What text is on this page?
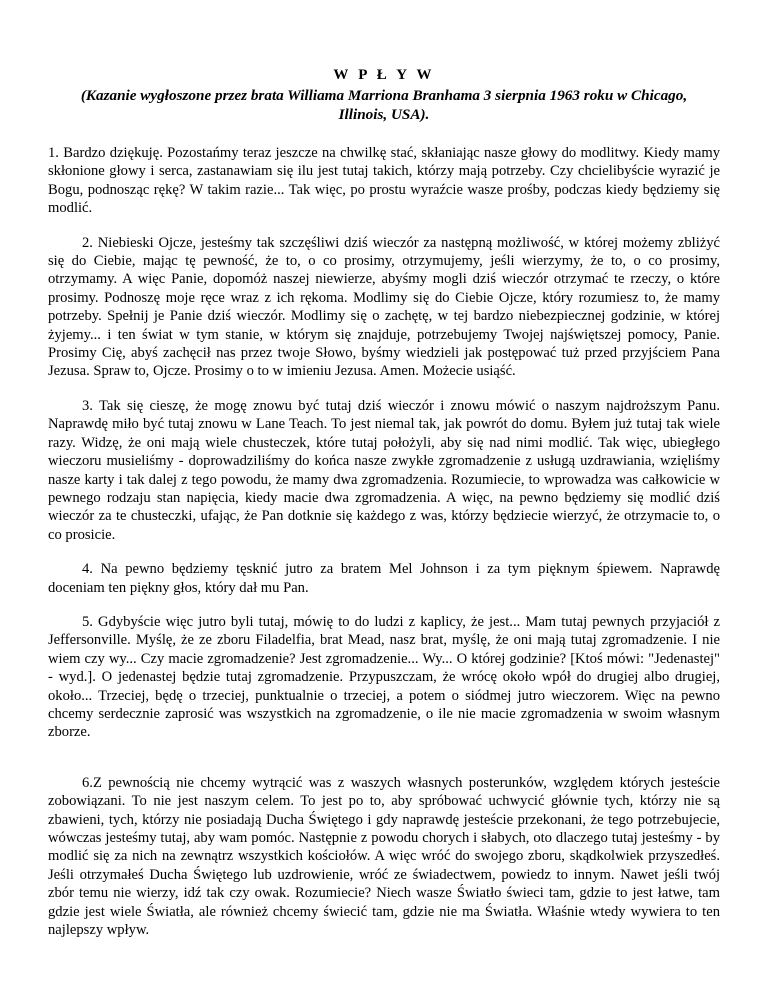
W P Ł Y W

(Kazanie wygłoszone przez brata Williama Marriona Branhama 3 sierpnia 1963 roku w Chicago, Illinois, USA).

1. Bardzo dziękuję. Pozostańmy teraz jeszcze na chwilkę stać, skłaniając nasze głowy do modlitwy. Kiedy mamy skłonione głowy i serca, zastanawiam się ilu jest tutaj takich, którzy mają potrzeby. Czy chcielibyście wyrazić je Bogu, podnosząc rękę? W takim razie... Tak więc, po prostu wyraźcie wasze prośby, podczas kiedy będziemy się modlić.

2. Niebieski Ojcze, jesteśmy tak szczęśliwi dziś wieczór za następną możliwość, w której możemy zbliżyć się do Ciebie, mając tę pewność, że to, o co prosimy, otrzymujemy, jeśli wierzymy, że to, o co prosimy, otrzymamy. A więc Panie, dopomóż naszej niewierze, abyśmy mogli dziś wieczór otrzymać te rzeczy, o które prosimy. Podnoszę moje ręce wraz z ich rękoma. Modlimy się do Ciebie Ojcze, który rozumiesz to, że mamy potrzeby. Spełnij je Panie dziś wieczór. Modlimy się o zachętę, w tej bardzo niebezpiecznej godzinie, w której żyjemy... i ten świat w tym stanie, w którym się znajduje, potrzebujemy Twojej najświętszej pomocy, Panie. Prosimy Cię, abyś zachęcił nas przez twoje Słowo, byśmy wiedzieli jak postępować tuż przed przyjściem Pana Jezusa. Spraw to, Ojcze. Prosimy o to w imieniu Jezusa. Amen. Możecie usiąść.

3. Tak się cieszę, że mogę znowu być tutaj dziś wieczór i znowu mówić o naszym najdroższym Panu. Naprawdę miło być tutaj znowu w Lane Teach. To jest niemal tak, jak powrót do domu. Byłem już tutaj tak wiele razy. Widzę, że oni mają wiele chusteczek, które tutaj położyli, aby się nad nimi modlić. Tak więc, ubiegłego wieczoru musieliśmy - doprowadziliśmy do końca nasze zwykłe zgromadzenie z usługą uzdrawiania, wzięliśmy nasze karty i tak dalej z tego powodu, że mamy dwa zgromadzenia. Rozumiecie, to wprowadza was całkowicie w pewnego rodzaju stan napięcia, kiedy macie dwa zgromadzenia. A więc, na pewno będziemy się modlić dziś wieczór za te chusteczki, ufając, że Pan dotknie się każdego z was, którzy będziecie wierzyć, że otrzymacie to, o co prosicie.

4. Na pewno będziemy tęsknić jutro za bratem Mel Johnson i za tym pięknym śpiewem. Naprawdę doceniam ten piękny głos, który dał mu Pan.

5. Gdybyście więc jutro byli tutaj, mówię to do ludzi z kaplicy, że jest... Mam tutaj pewnych przyjaciół z Jeffersonville. Myślę, że ze zboru Filadelfia, brat Mead, nasz brat, myślę, że oni mają tutaj zgromadzenie. I nie wiem czy wy... Czy macie zgromadzenie? Jest zgromadzenie... Wy... O której godzinie? [Ktoś mówi: "Jedenastej" - wyd.]. O jedenastej będzie tutaj zgromadzenie. Przypuszczam, że wrócę około wpół do drugiej albo drugiej, około... Trzeciej, będę o trzeciej, punktualnie o trzeciej, a potem o siódmej jutro wieczorem. Więc na pewno chcemy serdecznie zaprosić was wszystkich na zgromadzenie, o ile nie macie zgromadzenia w swoim własnym zborze.

6.Z pewnością nie chcemy wytrącić was z waszych własnych posterunków, względem których jesteście zobowiązani. To nie jest naszym celem. To jest po to, aby spróbować uchwycić głównie tych, którzy nie są zbawieni, tych, którzy nie posiadają Ducha Świętego i gdy naprawdę jesteście przekonani, że tego potrzebujecie, wówczas jesteśmy tutaj, aby wam pomóc. Następnie z powodu chorych i słabych, oto dlaczego tutaj jesteśmy - by modlić się za nich na zewnątrz wszystkich kościołów. A więc wróć do swojego zboru, skądkolwiek przyszedłeś. Jeśli otrzymałeś Ducha Świętego lub uzdrowienie, wróć ze świadectwem, powiedz to innym. Nawet jeśli twój zbór temu nie wierzy, idź tak czy owak. Rozumiecie? Niech wasze Światło świeci tam, gdzie to jest łatwe, tam gdzie jest wiele Światła, ale również chcemy świecić tam, gdzie nie ma Światła. Właśnie wtedy wywiera to ten najlepszy wpływ.
